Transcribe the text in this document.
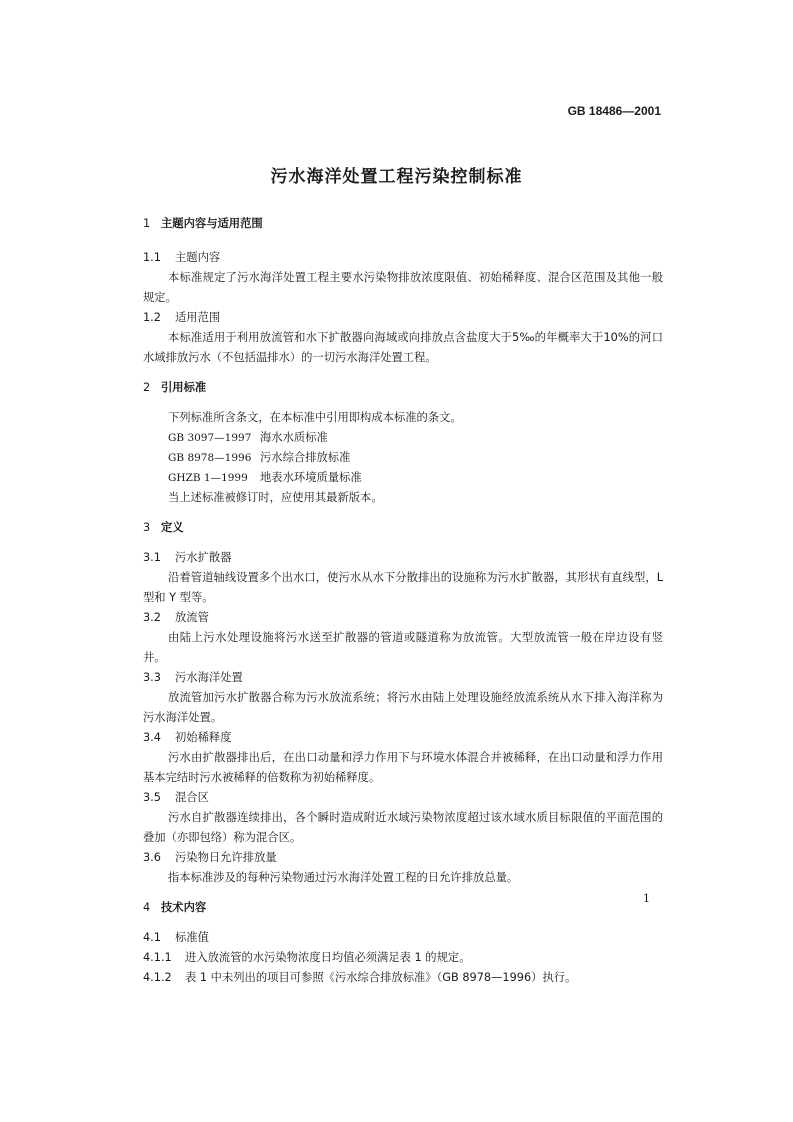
GB 18486—2001
污水海洋处置工程污染控制标准
1 主题内容与适用范围
1.1 主题内容
本标准规定了污水海洋处置工程主要水污染物排放浓度限值、初始稀释度、混合区范围及其他一般规定。
1.2 适用范围
本标准适用于利用放流管和水下扩散器向海域或向排放点含盐度大于5‰的年概率大于10%的河口水域排放污水（不包括温排水）的一切污水海洋处置工程。
2 引用标准
下列标准所含条文，在本标准中引用即构成本标准的条文。
GB 3097—1997 海水水质标准
GB 8978—1996 污水综合排放标准
GHZB 1—1999 地表水环境质量标准
当上述标准被修订时，应使用其最新版本。
3 定义
3.1 污水扩散器
沿着管道轴线设置多个出水口，使污水从水下分散排出的设施称为污水扩散器，其形状有直线型，L 型和 Y 型等。
3.2 放流管
由陆上污水处理设施将污水送至扩散器的管道或隧道称为放流管。大型放流管一般在岸边设有竖井。
3.3 污水海洋处置
放流管加污水扩散器合称为污水放流系统；将污水由陆上处理设施经放流系统从水下排入海洋称为污水海洋处置。
3.4 初始稀释度
污水由扩散器排出后，在出口动量和浮力作用下与环境水体混合并被稀释，在出口动量和浮力作用基本完结时污水被稀释的倍数称为初始稀释度。
3.5 混合区
污水自扩散器连续排出，各个瞬时造成附近水域污染物浓度超过该水域水质目标限值的平面范围的叠加（亦即包络）称为混合区。
3.6 污染物日允许排放量
指本标准涉及的每种污染物通过污水海洋处置工程的日允许排放总量。
4 技术内容
4.1 标准值
4.1.1 进入放流管的水污染物浓度日均值必须满足表 1 的规定。
4.1.2 表 1 中未列出的项目可参照《污水综合排放标准》（GB 8978—1996）执行。
1
